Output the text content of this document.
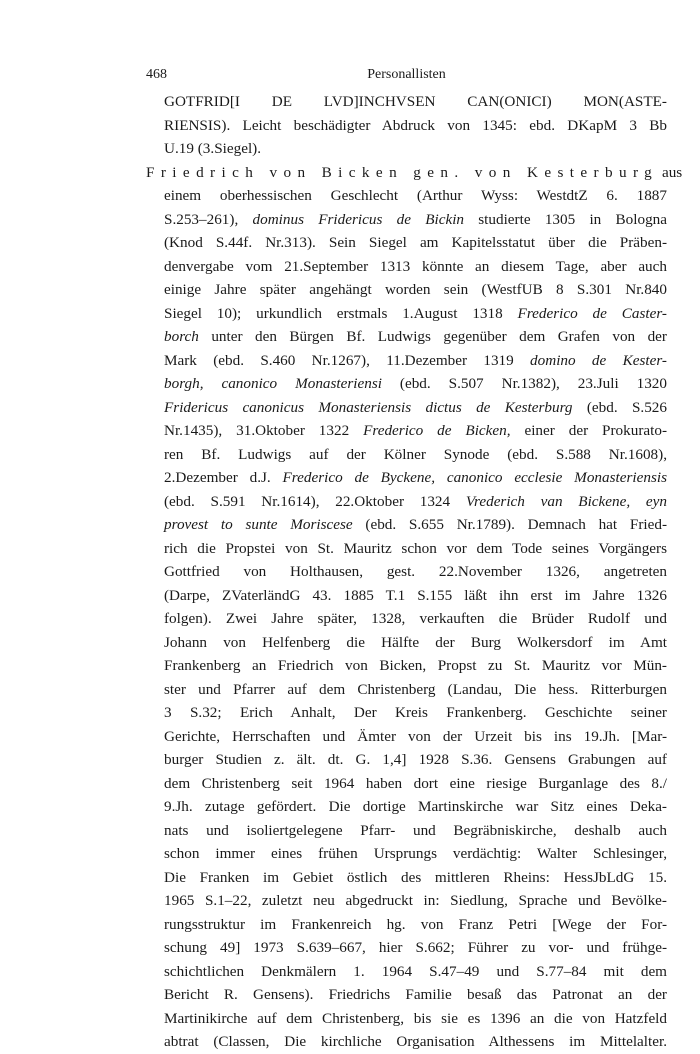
468	Personallisten
GOTFRID[I DE LVD]INCHVSEN CAN(ONICI) MON(ASTE-
RIENSIS). Leicht beschädigter Abdruck von 1345: ebd. DKapM 3 Bb
U.19 (3.Siegel).
Friedrich von Bicken gen. von Kesterburg aus
einem oberhessischen Geschlecht (Arthur Wyss: WestdtZ 6. 1887
S.253–261), dominus Fridericus de Bickin studierte 1305 in Bologna
(Knod S.44f. Nr.313). Sein Siegel am Kapitelsstatut über die Präben-
denvergabe vom 21.September 1313 könnte an diesem Tage, aber auch
einige Jahre später angehängt worden sein (WestfUB 8 S.301 Nr.840
Siegel 10); urkundlich erstmals 1.August 1318 Frederico de Caster-
borch unter den Bürgen Bf. Ludwigs gegenüber dem Grafen von der
Mark (ebd. S.460 Nr.1267), 11.Dezember 1319 domino de Kester-
borgh, canonico Monasteriensi (ebd. S.507 Nr.1382), 23.Juli 1320
Fridericus canonicus Monasteriensis dictus de Kesterburg (ebd. S.526
Nr.1435), 31.Oktober 1322 Frederico de Bicken, einer der Prokurato-
ren Bf. Ludwigs auf der Kölner Synode (ebd. S.588 Nr.1608),
2.Dezember d.J. Frederico de Byckene, canonico ecclesie Monasteriensis
(ebd. S.591 Nr.1614), 22.Oktober 1324 Vrederich van Bickene, eyn
provest to sunte Moriscese (ebd. S.655 Nr.1789). Demnach hat Fried-
rich die Propstei von St. Mauritz schon vor dem Tode seines Vorgängers
Gottfried von Holthausen, gest. 22.November 1326, angetreten
(Darpe, ZVaterländG 43. 1885 T.1 S.155 läßt ihn erst im Jahre 1326
folgen). Zwei Jahre später, 1328, verkauften die Brüder Rudolf und
Johann von Helfenberg die Hälfte der Burg Wolkersdorf im Amt
Frankenberg an Friedrich von Bicken, Propst zu St. Mauritz vor Mün-
ster und Pfarrer auf dem Christenberg (Landau, Die hess. Ritterburgen
3 S.32; Erich Anhalt, Der Kreis Frankenberg. Geschichte seiner
Gerichte, Herrschaften und Ämter von der Urzeit bis ins 19.Jh. [Mar-
burger Studien z. ält. dt. G. 1,4] 1928 S.36. Gensens Grabungen auf
dem Christenberg seit 1964 haben dort eine riesige Burganlage des 8./
9.Jh. zutage gefördert. Die dortige Martinskirche war Sitz eines Deka-
nats und isoliertgelegene Pfarr- und Begräbniskirche, deshalb auch
schon immer eines frühen Ursprungs verdächtig: Walter Schlesinger,
Die Franken im Gebiet östlich des mittleren Rheins: HessJbLdG 15.
1965 S.1–22, zuletzt neu abgedruckt in: Siedlung, Sprache und Bevölke-
rungsstruktur im Frankenreich hg. von Franz Petri [Wege der For-
schung 49] 1973 S.639–667, hier S.662; Führer zu vor- und frühge-
schichtlichen Denkmälern 1. 1964 S.47–49 und S.77–84 mit dem
Bericht R. Gensens). Friedrichs Familie besaß das Patronat an der
Martinikirche auf dem Christenberg, bis sie es 1396 an die von Hatzfeld
abtrat (Classen, Die kirchliche Organisation Althessens im Mittelalter.
